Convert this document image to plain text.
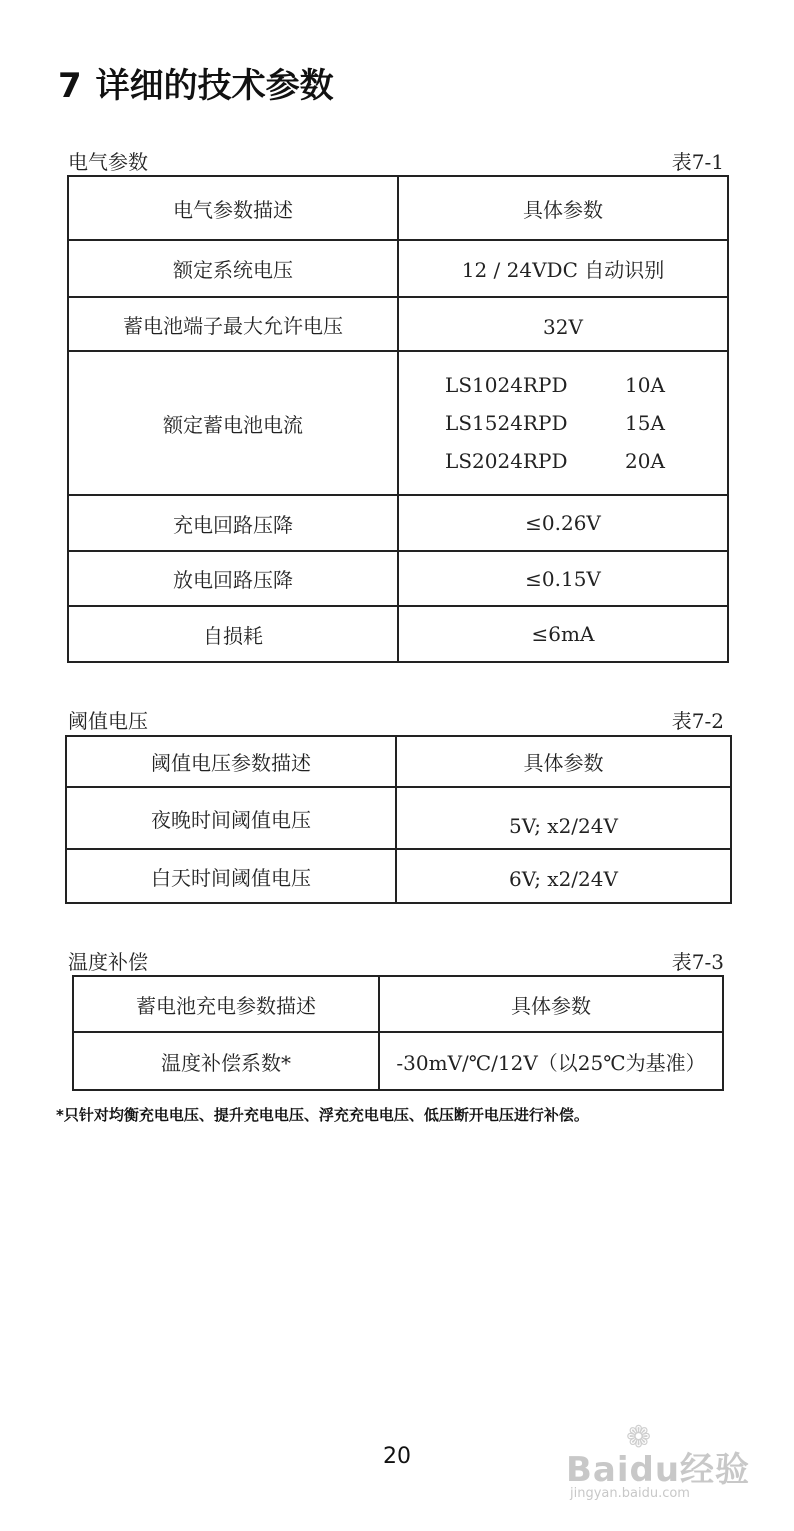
7 详细的技术参数
电气参数	表7-1
电气参数描述	具体参数
额定系统电压	12 / 24VDC 自动识别
蓄电池端子最大允许电压	32V
额定蓄电池电流	LS1024RPD 10A
LS1524RPD 15A
LS2024RPD 20A

充电回路压降	≤0.26V
放电回路压降	≤0.15V
自损耗	≤6mA
阈值电压	表7-2
阈值电压参数描述	具体参数
夜晚时间阈值电压	5V; x2/24V
白天时间阈值电压	6V; x2/24V
温度补偿	表7-3
蓄电池充电参数描述	具体参数
温度补偿系数*	-30mV/℃/12V（以25℃为基准）
*只针对均衡充电电压、提升充电电压、浮充充电电压、低压断开电压进行补偿。
20
❁
Baidu经验
jingyan.baidu.com
